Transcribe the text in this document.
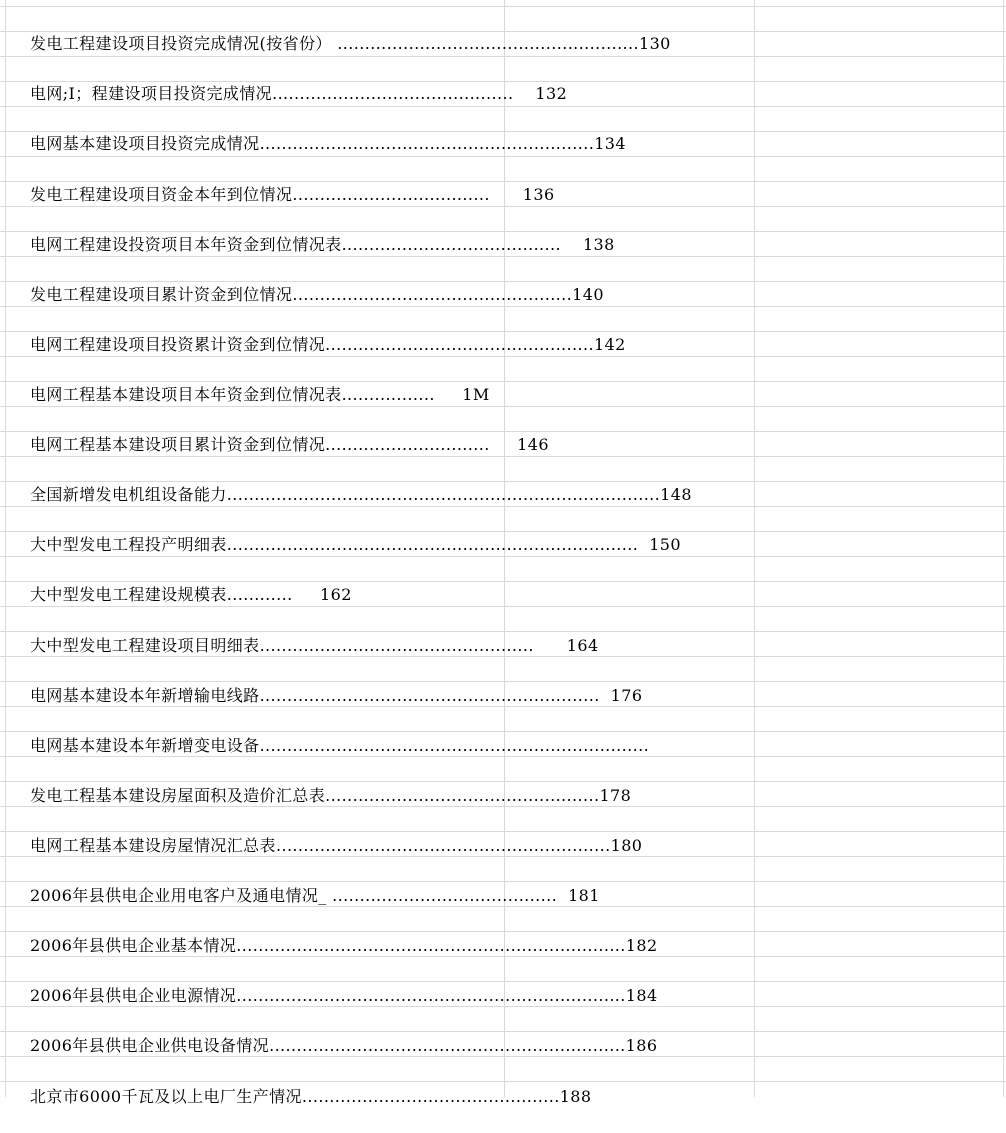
发电工程建设项目投资完成情况(按省份） .......................................................130

电网;I；程建设项目投资完成情况............................................    132

电网基本建设项目投资完成情况.............................................................134

发电工程建设项目资金本年到位情况....................................      136

电网工程建设投资项目本年资金到位情况表........................................    138

发电工程建设项目累计资金到位情况...................................................140

电网工程建设项目投资累计资金到位情况.................................................142

电网工程基本建设项目本年资金到位情况表.................     1M

电网工程基本建设项目累计资金到位情况..............................     146

全国新增发电机组设备能力...............................................................................148

大中型发电工程投产明细表...........................................................................  150

大中型发电工程建设规模表............     162

大中型发电工程建设项目明细表..................................................      164

电网基本建设本年新增输电线路..............................................................  176

电网基本建设本年新增变电设备.......................................................................

发电工程基本建设房屋面积及造价汇总表..................................................178

电网工程基本建设房屋情况汇总表.............................................................180

2006年县供电企业用电客户及通电情况_ .........................................  181

2006年县供电企业基本情况.......................................................................182

2006年县供电企业电源情况.......................................................................184

2006年县供电企业供电设备情况.................................................................186

北京市6000千瓦及以上电厂生产情况...............................................188
